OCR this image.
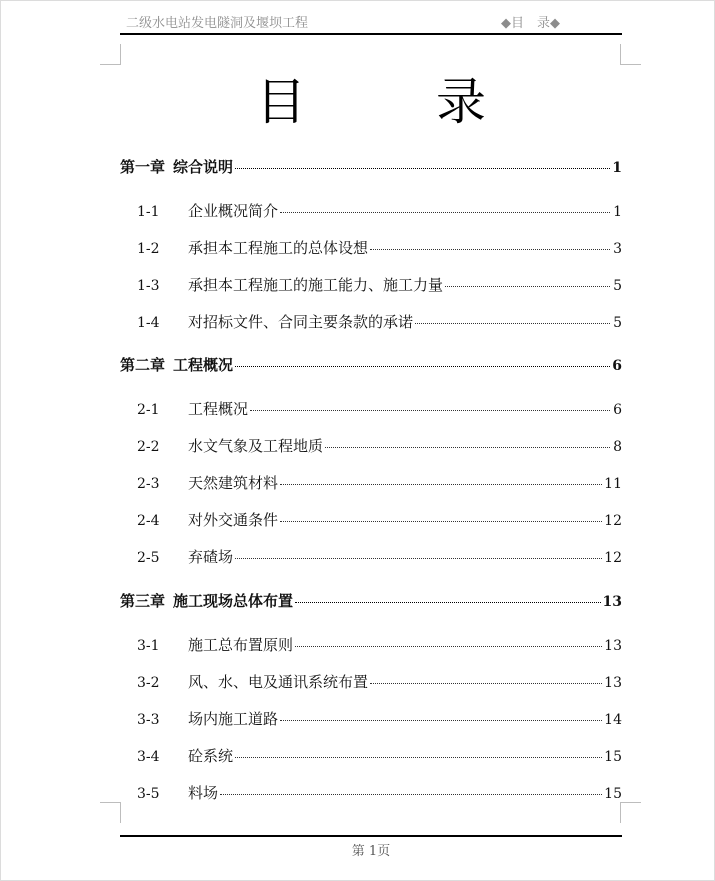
二级水电站发电隧洞及堰坝工程	◆目　录◆
目　录
第一章 综合说明	1
1-1	企业概况简介	1
1-2	承担本工程施工的总体设想	3
1-3	承担本工程施工的施工能力、施工力量	5
1-4	对招标文件、合同主要条款的承诺	5
第二章 工程概况	6
2-1	工程概况	6
2-2	水文气象及工程地质	8
2-3	天然建筑材料	11
2-4	对外交通条件	12
2-5	弃碴场	12
第三章 施工现场总体布置	13
3-1	施工总布置原则	13
3-2	风、水、电及通讯系统布置	13
3-3	场内施工道路	14
3-4	砼系统	15
3-5	料场	15
第 1页
